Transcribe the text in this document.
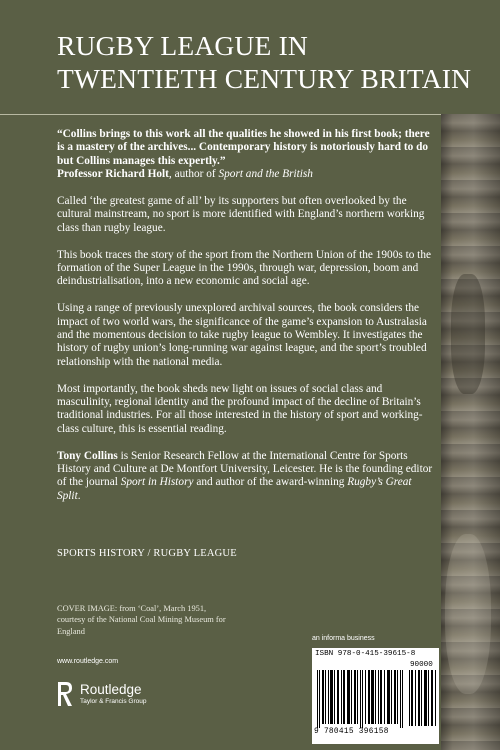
RUGBY LEAGUE IN
TWENTIETH CENTURY BRITAIN

“Collins brings to this work all the qualities he showed in his first book; there is a mastery of the archives... Contemporary history is notoriously hard to do but Collins manages this expertly.”
Professor Richard Holt, author of Sport and the British

Called ‘the greatest game of all’ by its supporters but often overlooked by the cultural mainstream, no sport is more identified with England’s northern working class than rugby league.

This book traces the story of the sport from the Northern Union of the 1900s to the formation of the Super League in the 1990s, through war, depression, boom and deindustrialisation, into a new economic and social age.

Using a range of previously unexplored archival sources, the book considers the impact of two world wars, the significance of the game’s expansion to Australasia and the momentous decision to take rugby league to Wembley. It investigates the history of rugby union’s long-running war against league, and the sport’s troubled relationship with the national media.

Most importantly, the book sheds new light on issues of social class and masculinity, regional identity and the profound impact of the decline of Britain’s traditional industries. For all those interested in the history of sport and working-class culture, this is essential reading.

Tony Collins is Senior Research Fellow at the International Centre for Sports History and Culture at De Montfort University, Leicester. He is the founding editor of the journal Sport in History and author of the award-winning Rugby’s Great Split.

SPORTS HISTORY / RUGBY LEAGUE
COVER IMAGE: from ‘Coal’, March 1951, courtesy of the National Coal Mining Museum for England
www.routledge.com
Routledge
Taylor & Francis Group
an informa business
ISBN 978-0-415-39615-8
90000
9 780415 396158
